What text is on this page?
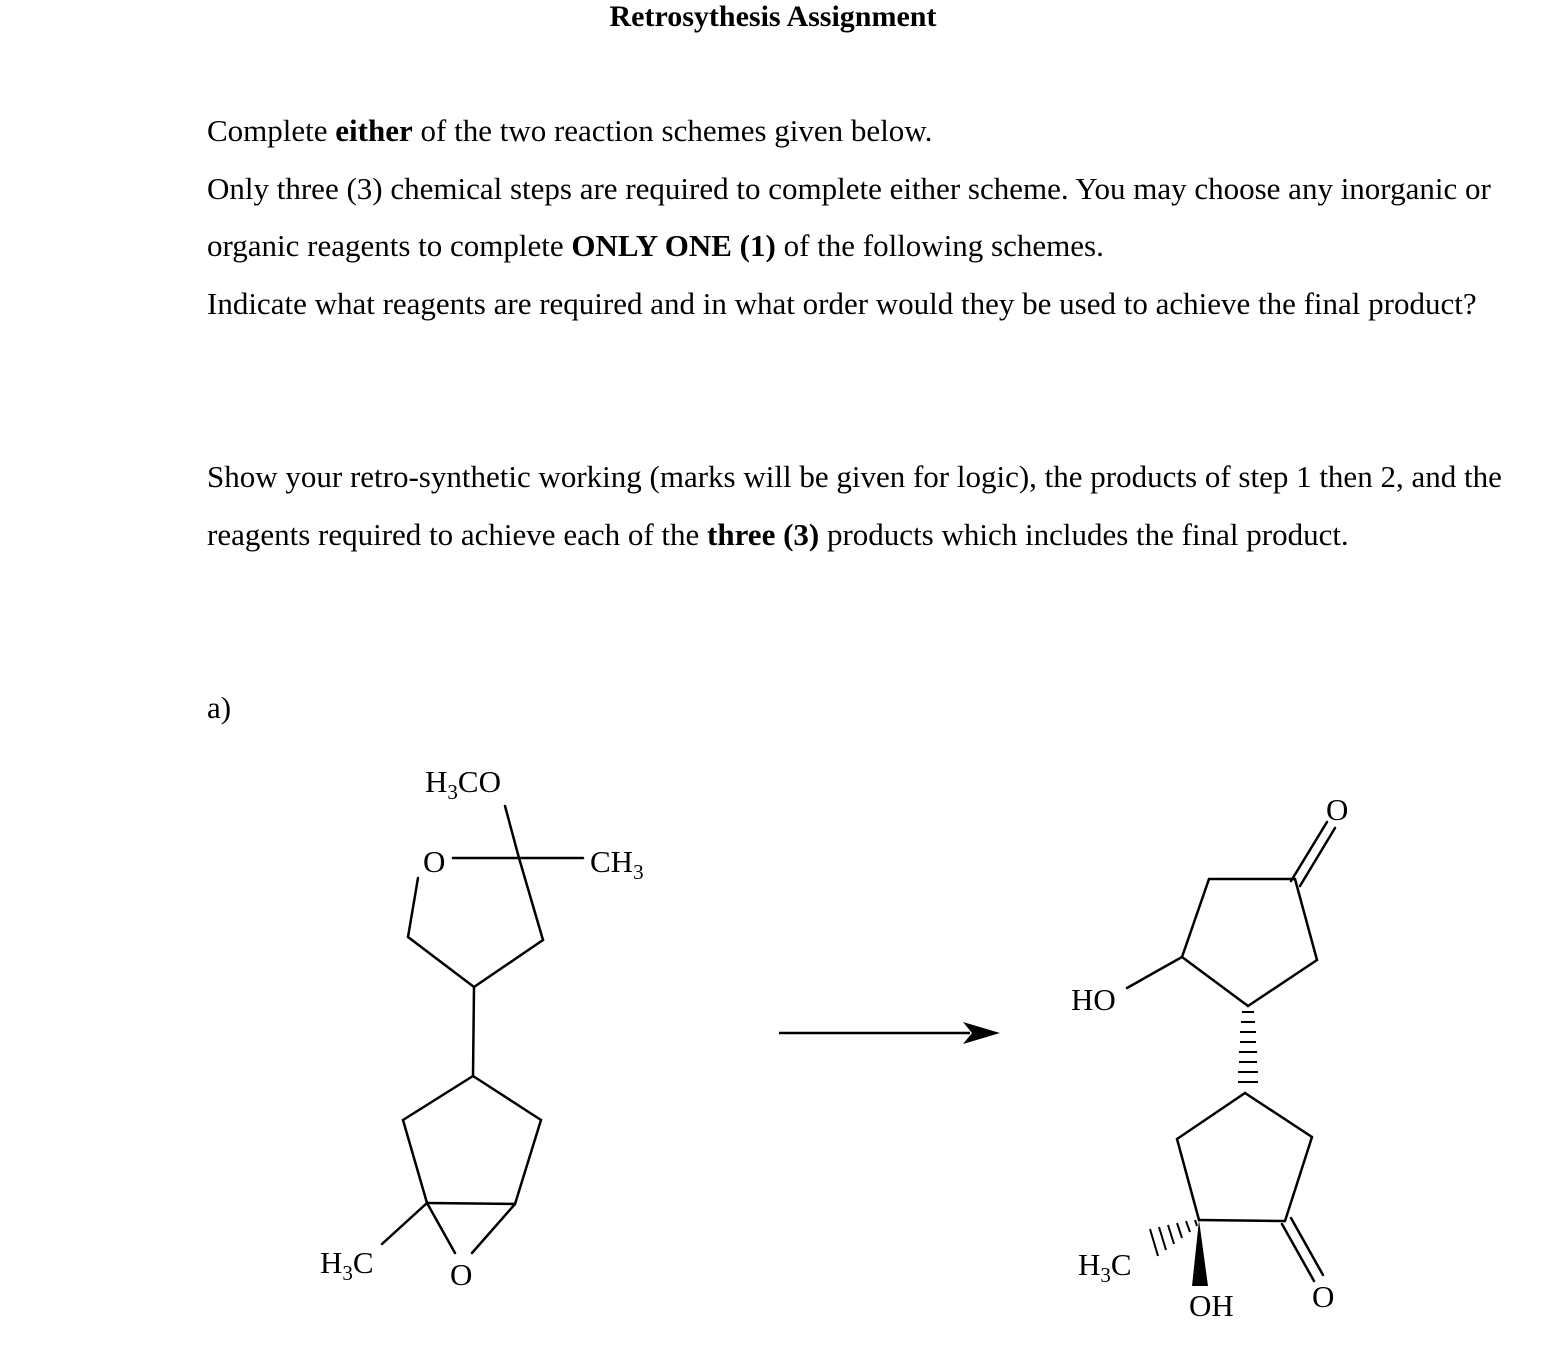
Retrosythesis Assignment
Complete either of the two reaction schemes given below.
Only three (3) chemical steps are required to complete either scheme. You may choose any inorganic or organic reagents to complete ONLY ONE (1) of the following schemes.
Indicate what reagents are required and in what order would they be used to achieve the final product?
Show your retro-synthetic working (marks will be given for logic), the products of step 1 then 2, and the reagents required to achieve each of the three (3) products which includes the final product.
a)
$H_3CO$
O	$CH_3$
$H_3C$ O
O
HO
$H_3C$
OH	O
